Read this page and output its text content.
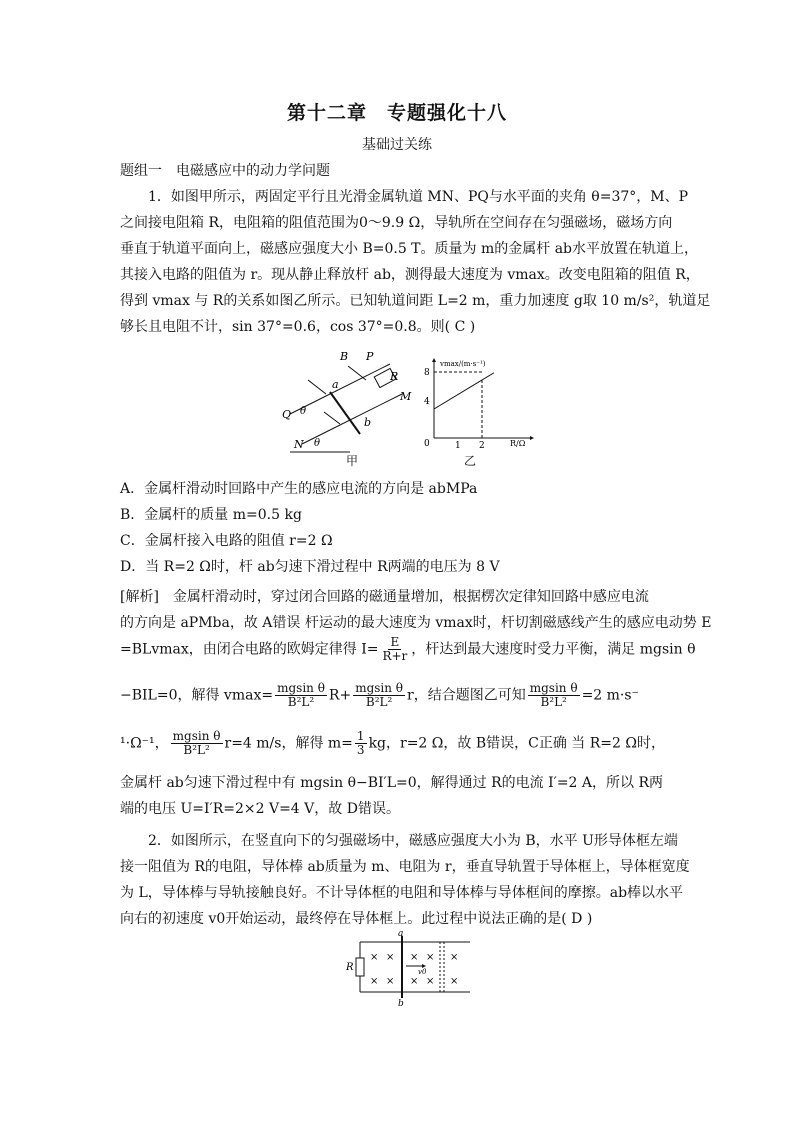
第十二章　专题强化十八
基础过关练
题组一　电磁感应中的动力学问题
1．如图甲所示，两固定平行且光滑金属轨道 MN、PQ与水平面的夹角 θ=37°，M、P
之间接电阻箱 R，电阻箱的阻值范围为0～9.9 Ω，导轨所在空间存在匀强磁场，磁场方向
垂直于轨道平面向上，磁感应强度大小 B=0.5 T。质量为 m的金属杆 ab水平放置在轨道上，
其接入电路的阻值为 r。现从静止释放杆 ab，测得最大速度为 vmax。改变电阻箱的阻值 R，
得到 vmax 与 R的关系如图乙所示。已知轨道间距 L=2 m，重力加速度 g取 10 m/s²，轨道足
够长且电阻不计，sin 37°=0.6，cos 37°=0.8。则( C )
B P
R
a
M
Q θ
b
θ
N
甲
vmax/(m·s⁻¹)
R/Ω
8
4
0	1 2
乙
A．金属杆滑动时回路中产生的感应电流的方向是 abMPa
B．金属杆的质量 m=0.5 kg
C．金属杆接入电路的阻值 r=2 Ω
D．当 R=2 Ω时，杆 ab匀速下滑过程中 R两端的电压为 8 V
[解析]　金属杆滑动时，穿过闭合回路的磁通量增加，根据楞次定律知回路中感应电流
的方向是 aPMba，故 A错误 杆运动的最大速度为 vmax时，杆切割磁感线产生的感应电动势 E
=BLvmax，由闭合电路的欧姆定律得 $I= \frac{E}{R+r}$ ，杆达到最大速度时受力平衡，满足 mgsin θ
−BIL=0，解得 $vmax= \frac{\text{mgsin θ}}{\text{B²L²}} R+ \frac{\text{mgsin θ}}{\text{B²L²}}$ r，结合题图乙可知 $\frac{\text{mgsin θ}}{\text{B²L²}} =2$ m·s⁻
¹·Ω⁻¹， $\frac{\text{mgsin θ}}{\text{B²L²}} r=4$ m/s，解得 $m= \frac{1}{3}$ kg，r=2 Ω，故 B错误，C正确 当 R=2 Ω时，
金属杆 ab匀速下滑过程中有 mgsin θ−BI′L=0，解得通过 R的电流 I′=2 A，所以 R两
端的电压 U=I′R=2×2 V=4 V，故 D错误。
2．如图所示，在竖直向下的匀强磁场中，磁感应强度大小为 B，水平 U形导体框左端
接一阻值为 R的电阻，导体棒 ab质量为 m、电阻为 r，垂直导轨置于导体框上，导体框宽度
为 L，导体棒与导轨接触良好。不计导体框的电阻和导体棒与导体框间的摩擦。ab棒以水平
向右的初速度 v0开始运动，最终停在导体框上。此过程中说法正确的是( D )
R
a
b
v0
× ×
× ×
× ×
× ×
×
×
